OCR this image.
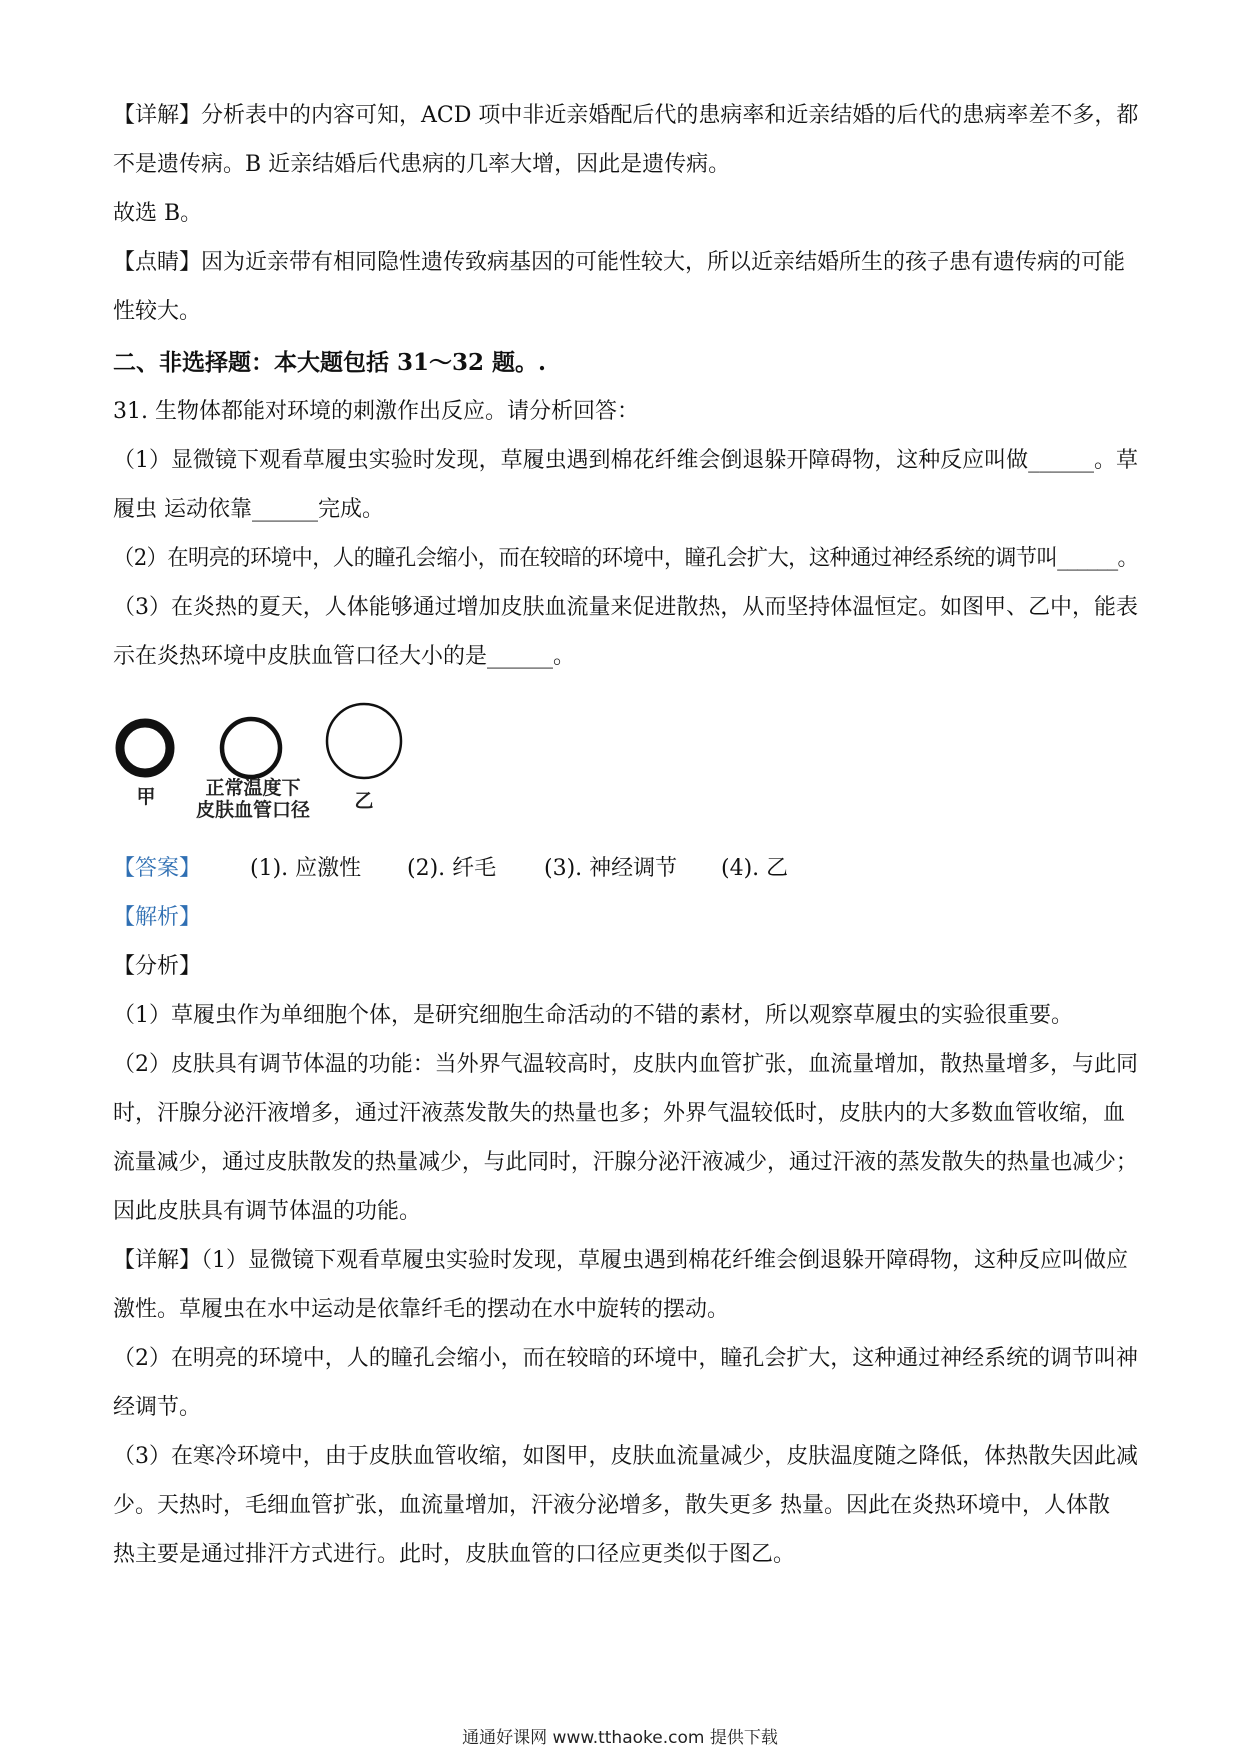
【详解】分析表中的内容可知，ACD 项中非近亲婚配后代的患病率和近亲结婚的后代的患病率差不多，都
不是遗传病。B 近亲结婚后代患病的几率大增，因此是遗传病。
故选 B。
【点睛】因为近亲带有相同隐性遗传致病基因的可能性较大，所以近亲结婚所生的孩子患有遗传病的可能
性较大。
二、非选择题：本大题包括 31～32 题。.
31. 生物体都能对环境的刺激作出反应。请分析回答：
（1）显微镜下观看草履虫实验时发现，草履虫遇到棉花纤维会倒退躲开障碍物，这种反应叫做______。草
履虫 运动依靠______完成。
（2）在明亮的环境中，人的瞳孔会缩小，而在较暗的环境中，瞳孔会扩大，这种通过神经系统的调节叫______。
（3）在炎热的夏天，人体能够通过增加皮肤血流量来促进散热，从而坚持体温恒定。如图甲、乙中，能表
示在炎热环境中皮肤血管口径大小的是______。
甲	正常温度下
皮肤血管口径	乙
【答案】 (1). 应激性 (2). 纤毛 (3). 神经调节 (4). 乙
【解析】
【分析】
（1）草履虫作为单细胞个体，是研究细胞生命活动的不错的素材，所以观察草履虫的实验很重要。
（2）皮肤具有调节体温的功能：当外界气温较高时，皮肤内血管扩张，血流量增加，散热量增多，与此同
时，汗腺分泌汗液增多，通过汗液蒸发散失的热量也多；外界气温较低时，皮肤内的大多数血管收缩，血
流量减少，通过皮肤散发的热量减少，与此同时，汗腺分泌汗液减少，通过汗液的蒸发散失的热量也减少；
因此皮肤具有调节体温的功能。
【详解】（1）显微镜下观看草履虫实验时发现，草履虫遇到棉花纤维会倒退躲开障碍物，这种反应叫做应
激性。草履虫在水中运动是依靠纤毛的摆动在水中旋转的摆动。
（2）在明亮的环境中，人的瞳孔会缩小，而在较暗的环境中，瞳孔会扩大，这种通过神经系统的调节叫神
经调节。
（3）在寒冷环境中，由于皮肤血管收缩，如图甲，皮肤血流量减少，皮肤温度随之降低，体热散失因此减
少。天热时，毛细血管扩张，血流量增加，汗液分泌增多，散失更多 热量。因此在炎热环境中，人体散
热主要是通过排汗方式进行。此时，皮肤血管的口径应更类似于图乙。
通通好课网 www.tthaoke.com 提供下载
